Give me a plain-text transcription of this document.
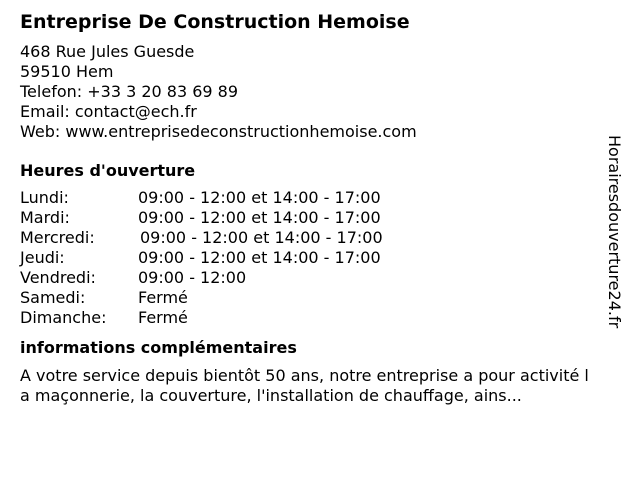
Entreprise De Construction Hemoise
468 Rue Jules Guesde
59510 Hem
Telefon: +33 3 20 83 69 89
Email: contact@ech.fr
Web: www.entreprisedeconstructionhemoise.com
Heures d'ouverture
Lundi:	09:00 - 12:00 et 14:00 - 17:00
Mardi:	09:00 - 12:00 et 14:00 - 17:00
Mercredi:	09:00 - 12:00 et 14:00 - 17:00
Jeudi:	09:00 - 12:00 et 14:00 - 17:00
Vendredi:	09:00 - 12:00
Samedi:	Fermé
Dimanche:	Fermé
informations complémentaires

A votre service depuis bientôt 50 ans, notre entreprise a pour activité la maçonnerie, la couverture, l'installation de chauffage, ains...

Horairesdouverture24.fr
